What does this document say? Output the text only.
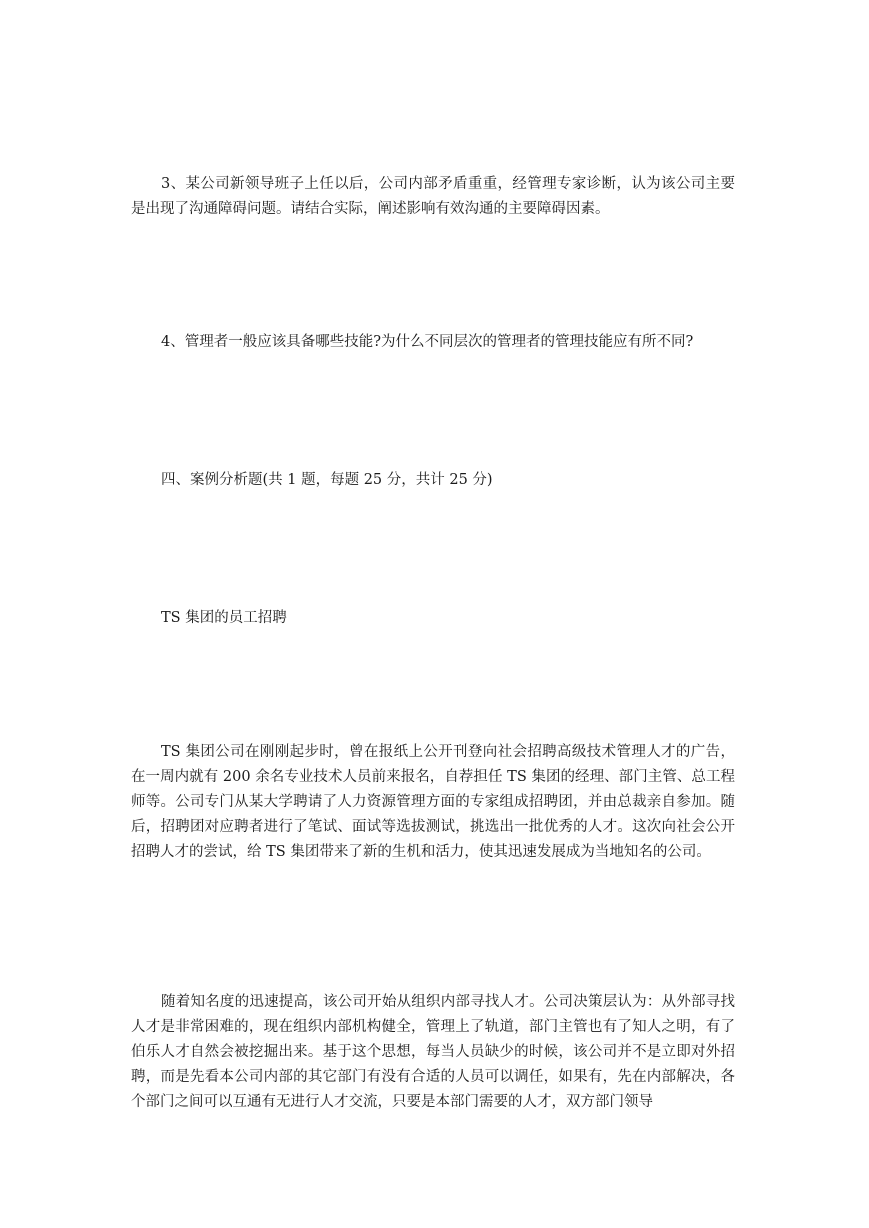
3、某公司新领导班子上任以后，公司内部矛盾重重，经管理专家诊断，认为该公司主要是出现了沟通障碍问题。请结合实际，阐述影响有效沟通的主要障碍因素。

4、管理者一般应该具备哪些技能?为什么不同层次的管理者的管理技能应有所不同?

四、案例分析题(共 1 题，每题 25 分，共计 25 分)

TS 集团的员工招聘

TS 集团公司在刚刚起步时，曾在报纸上公开刊登向社会招聘高级技术管理人才的广告，在一周内就有 200 余名专业技术人员前来报名，自荐担任 TS 集团的经理、部门主管、总工程师等。公司专门从某大学聘请了人力资源管理方面的专家组成招聘团，并由总裁亲自参加。随后，招聘团对应聘者进行了笔试、面试等选拔测试，挑选出一批优秀的人才。这次向社会公开招聘人才的尝试，给 TS 集团带来了新的生机和活力，使其迅速发展成为当地知名的公司。

随着知名度的迅速提高，该公司开始从组织内部寻找人才。公司决策层认为：从外部寻找人才是非常困难的，现在组织内部机构健全，管理上了轨道，部门主管也有了知人之明，有了伯乐人才自然会被挖掘出来。基于这个思想，每当人员缺少的时候，该公司并不是立即对外招聘，而是先看本公司内部的其它部门有没有合适的人员可以调任，如果有，先在内部解决，各个部门之间可以互通有无进行人才交流，只要是本部门需要的人才，双方部门领导
